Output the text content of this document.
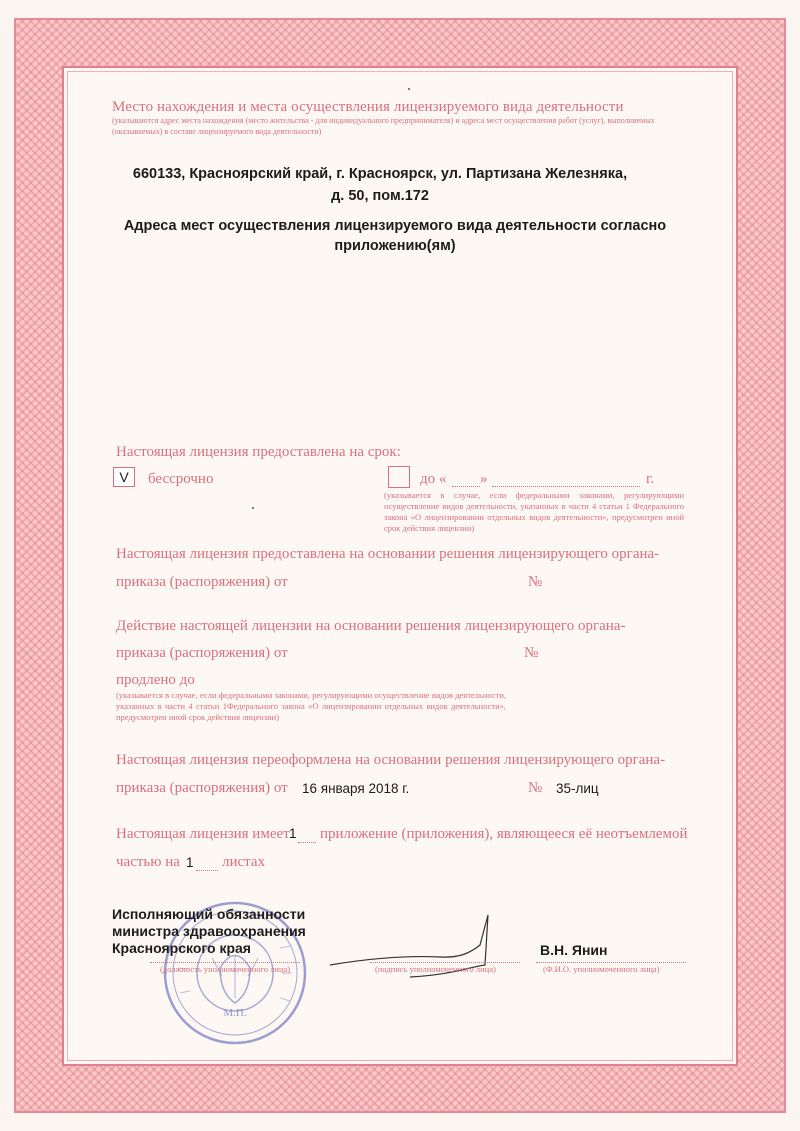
Место нахождения и места осуществления лицензируемого вида деятельности
(указываются адрес места нахождения (место жительства - для индивидуального предпринимателя) и адреса мест осуществления работ (услуг), выполняемых (оказываемых) в составе лицензируемого вида деятельности)
660133, Красноярский край, г. Красноярск, ул. Партизана Железняка,
д. 50, пом.172
Адреса мест осуществления лицензируемого вида деятельности согласно
приложению(ям)
Настоящая лицензия предоставлена на срок:
V	бессрочно	до « »	г.
(указывается в случае, если федеральными законами, регулирующими осуществление видов деятельности, указанных в части 4 статьи 1 Федерального закона «О лицензировании отдельных видов деятельности», предусмотрен иной срок действия лицензии)
Настоящая лицензия предоставлена на основании решения лицензирующего органа-
приказа (распоряжения) от	№
Действие настоящей лицензии на основании решения лицензирующего органа-
приказа (распоряжения) от	№
продлено до
(указывается в случае, если федеральными законами, регулирующими осуществление видов деятельности, указанных в части 4 статьи 1Федерального закона «О лицензировании отдельных видов деятельности», предусмотрен иной срок действия лицензии)
Настоящая лицензия переоформлена на основании решения лицензирующего органа-
приказа (распоряжения) от 16 января 2018 г.	№ 35-лиц
Настоящая лицензия имеет 1 приложение (приложения), являющееся её неотъемлемой
частью на 1 листах
М.П.
Исполняющий обязанности
министра здравоохранения
Красноярского края
(должность уполномоченного лица)	(подпись уполномоченного лица)
В.Н. Янин
(Ф.И.О. уполномоченного лица)
